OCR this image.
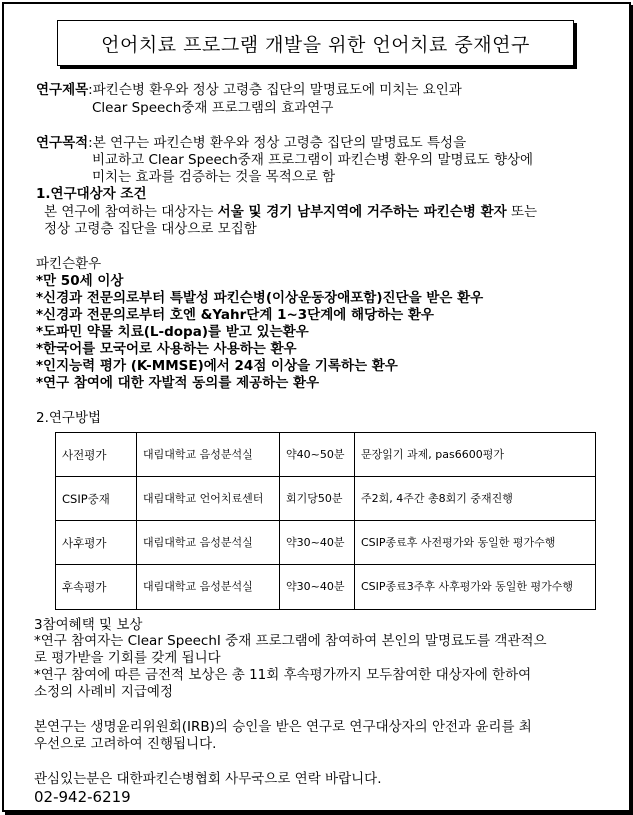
언어치료 프로그램 개발을 위한 언어치료 중재연구
연구제목:파킨슨병 환우와 정상 고령층 집단의 말명료도에 미치는 요인과
Clear Speech중재 프로그램의 효과연구
연구목적:본 연구는 파킨슨병 환우와 정상 고령층 집단의 말명료도 특성을
비교하고 Clear Speech중재 프로그램이 파킨슨병 환우의 말명료도 향상에
미치는 효과를 검증하는 것을 목적으로 함
1.연구대상자 조건
본 연구에 참여하는 대상자는 서울 및 경기 남부지역에 거주하는 파킨슨병 환자 또는
정상 고령층 집단을 대상으로 모집함
파킨슨환우
*만 50세 이상
*신경과 전문의로부터 특발성 파킨슨병(이상운동장애포함)진단을 받은 환우
*신경과 전문의로부터 호엔 &Yahr단계 1~3단계에 해당하는 환우
*도파민 약물 치료(L-dopa)를 받고 있는환우
*한국어를 모국어로 사용하는 사용하는 환우
*인지능력 평가 (K-MMSE)에서 24점 이상을 기록하는 환우
*연구 참여에 대한 자발적 동의를 제공하는 환우
2.연구방법
사전평가	대림대학교 음성분석실	약40~50분	문장읽기 과제, pas6600평가
CSIP중재	대림대학교 언어치료센터	회기당50분	주2회, 4주간 총8회기 중재진행
사후평가	대림대학교 음성분석실	약30~40분	CSIP종료후 사전평가와 동일한 평가수행
후속평가	대림대학교 음성분석실	약30~40분	CSIP종료3주후 사후평가와 동일한 평가수행
3참여혜택 및 보상
*연구 참여자는 Clear SpeechI 중재 프로그램에 참여하여 본인의 말명료도를 객관적으
로 평가받을 기회를 갖게 됩니다
*연구 참여에 따른 금전적 보상은 총 11회 후속평가까지 모두참여한 대상자에 한하여
소정의 사례비 지급예정
본연구는 생명윤리위원회(IRB)의 승인을 받은 연구로 연구대상자의 안전과 윤리를 최
우선으로 고려하여 진행됩니다.
관심있는분은 대한파킨슨병협회 사무국으로 연락 바랍니다.
02-942-6219
